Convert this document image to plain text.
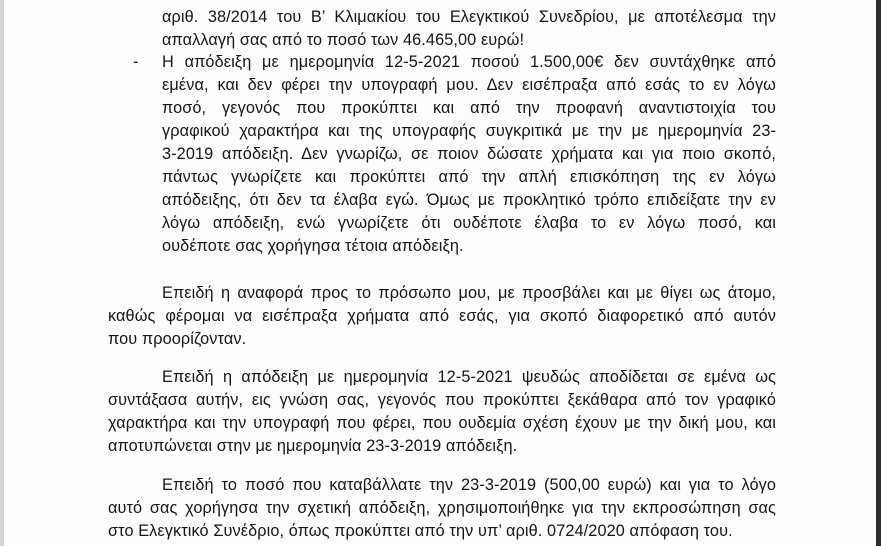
αριθ. 38/2014 του Β’ Κλιμακίου του Ελεγκτικού Συνεδρίου, με αποτέλεσμα την
απαλλαγή σας από το ποσό των 46.465,00 ευρώ!
- Η απόδειξη με ημερομηνία 12-5-2021 ποσού 1.500,00€ δεν συντάχθηκε από
εμένα, και δεν φέρει την υπογραφή μου. Δεν εισέπραξα από εσάς το εν λόγω
ποσό, γεγονός που προκύπτει και από την προφανή αναντιστοιχία του
γραφικού χαρακτήρα και της υπογραφής συγκριτικά με την με ημερομηνία 23-
3-2019 απόδειξη. Δεν γνωρίζω, σε ποιον δώσατε χρήματα και για ποιο σκοπό,
πάντως γνωρίζετε και προκύπτει από την απλή επισκόπηση της εν λόγω
απόδειξης, ότι δεν τα έλαβα εγώ. Όμως με προκλητικό τρόπο επιδείξατε την εν
λόγω απόδειξη, ενώ γνωρίζετε ότι ουδέποτε έλαβα το εν λόγω ποσό, και
ουδέποτε σας χορήγησα τέτοια απόδειξη.
Επειδή η αναφορά προς το πρόσωπο μου, με προσβάλει και με θίγει ως άτομο,
καθώς φέρομαι να εισέπραξα χρήματα από εσάς, για σκοπό διαφορετικό από αυτόν
που προορίζονταν.
Επειδή η απόδειξη με ημερομηνία 12-5-2021 ψευδώς αποδίδεται σε εμένα ως
συντάξασα αυτήν, εις γνώση σας, γεγονός που προκύπτει ξεκάθαρα από τον γραφικό
χαρακτήρα και την υπογραφή που φέρει, που ουδεμία σχέση έχουν με την δική μου, και
αποτυπώνεται στην με ημερομηνία 23-3-2019 απόδειξη.
Επειδή το ποσό που καταβάλλατε την 23-3-2019 (500,00 ευρώ) και για το λόγο
αυτό σας χορήγησα την σχετική απόδειξη, χρησιμοποιήθηκε για την εκπροσώπηση σας
στο Ελεγκτικό Συνέδριο, όπως προκύπτει από την υπ’ αριθ. 0724/2020 απόφαση του.
